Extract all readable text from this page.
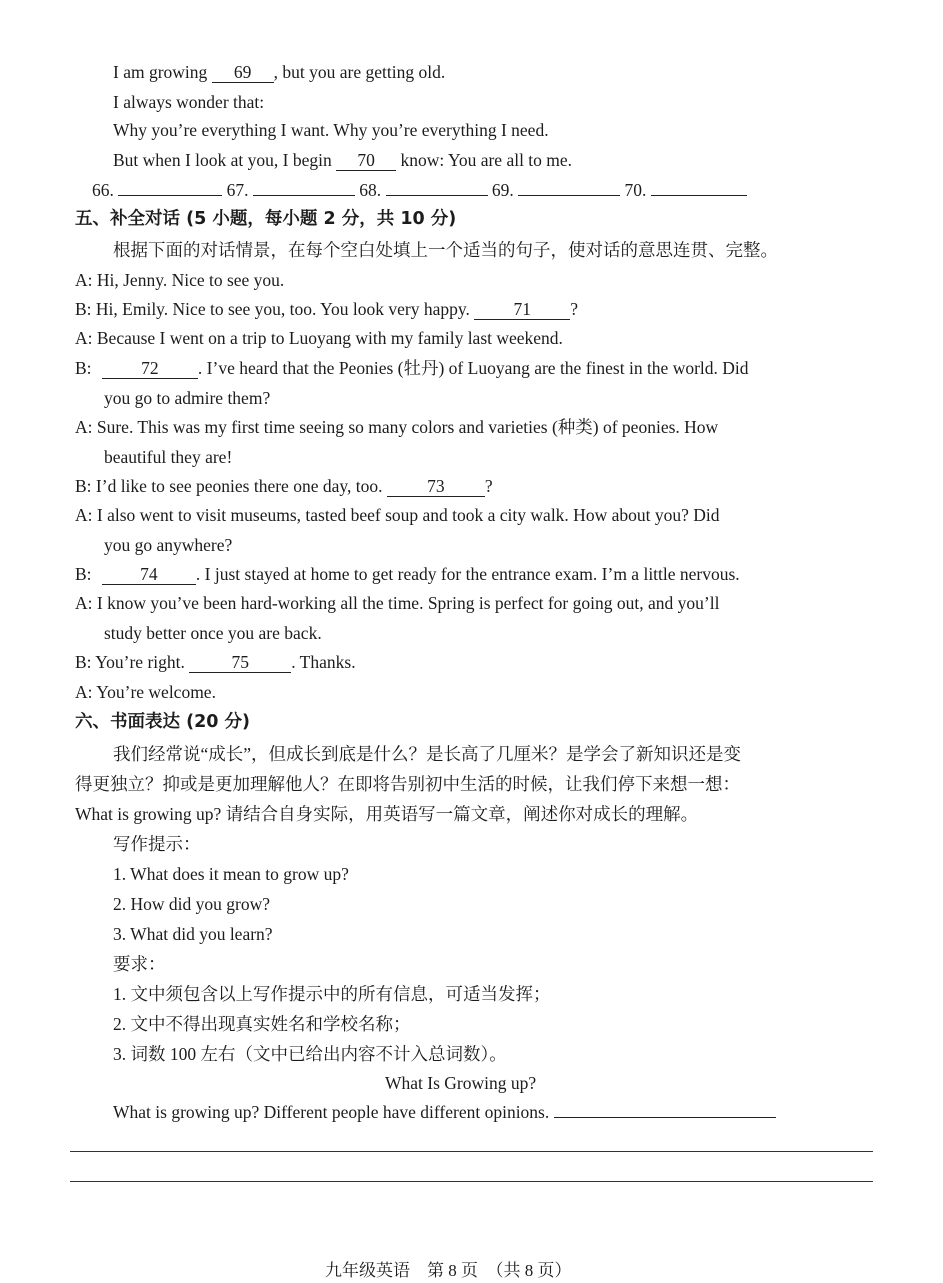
I am growing 69 , but you are getting old.
I always wonder that:
Why you’re everything I want. Why you’re everything I need.
But when I look at you, I begin 70 know: You are all to me.
66.	67.	68.	69.	70.
五、补全对话 (5 小题，每小题 2 分，共 10 分)
根据下面的对话情景，在每个空白处填上一个适当的句子，使对话的意思连贯、完整。
A: Hi, Jenny. Nice to see you.
B: Hi, Emily. Nice to see you, too. You look very happy. 71 ?
A: Because I went on a trip to Luoyang with my family last weekend.
B:	72 . I’ve heard that the Peonies (牡丹) of Luoyang are the finest in the world. Did
you go to admire them?
A: Sure. This was my first time seeing so many colors and varieties (种类) of peonies. How
beautiful they are!
B: I’d like to see peonies there one day, too.	73 ?
A: I also went to visit museums, tasted beef soup and took a city walk. How about you? Did
you go anywhere?
B:	74 . I just stayed at home to get ready for the entrance exam. I’m a little nervous.
A: I know you’ve been hard-working all the time. Spring is perfect for going out, and you’ll
study better once you are back.
B: You’re right.	75 . Thanks.
A: You’re welcome.
六、书面表达 (20 分)
我们经常说“成长”，但成长到底是什么？是长高了几厘米？是学会了新知识还是变
得更独立？抑或是更加理解他人？在即将告别初中生活的时候，让我们停下来想一想：
What is growing up? 请结合自身实际，用英语写一篇文章，阐述你对成长的理解。
写作提示：
1. What does it mean to grow up?
2. How did you grow?
3. What did you learn?
要求：
1. 文中须包含以上写作提示中的所有信息，可适当发挥；
2. 文中不得出现真实姓名和学校名称；
3. 词数 100 左右（文中已给出内容不计入总词数）。
What Is Growing up?
What is growing up? Different people have different opinions.
九年级英语　第 8 页　（共 8 页）
